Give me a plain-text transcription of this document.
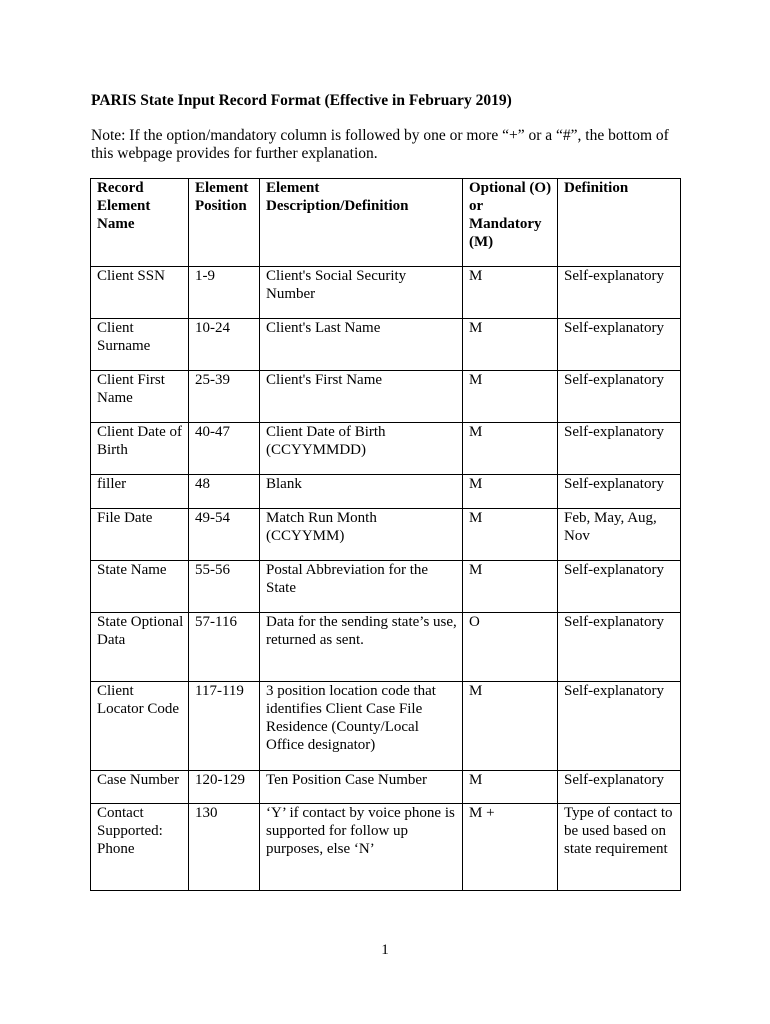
PARIS State Input Record Format (Effective in February 2019)
Note: If the option/mandatory column is followed by one or more “+” or a “#”, the bottom of this webpage provides for further explanation.
Record Element Name	Element Position	Element Description/Definition	Optional (O) or Mandatory (M)	Definition
Client SSN	1-9	Client's Social Security Number	M	Self-explanatory
Client Surname	10-24	Client's Last Name	M	Self-explanatory
Client First Name	25-39	Client's First Name	M	Self-explanatory
Client Date of Birth	40-47	Client Date of Birth (CCYYMMDD)	M	Self-explanatory
filler	48	Blank	M	Self-explanatory
File Date	49-54	Match Run Month (CCYYMM)	M	Feb, May, Aug, Nov
State Name	55-56	Postal Abbreviation for the State	M	Self-explanatory
State Optional Data	57-116	Data for the sending state’s use, returned as sent.	O	Self-explanatory
Client Locator Code	117-119	3 position location code that identifies Client Case File Residence (County/Local Office designator)	M	Self-explanatory
Case Number	120-129	Ten Position Case Number	M	Self-explanatory
Contact Supported: Phone	130	‘Y’ if contact by voice phone is supported for follow up purposes, else ‘N’	M +	Type of contact to be used based on state requirement
1
